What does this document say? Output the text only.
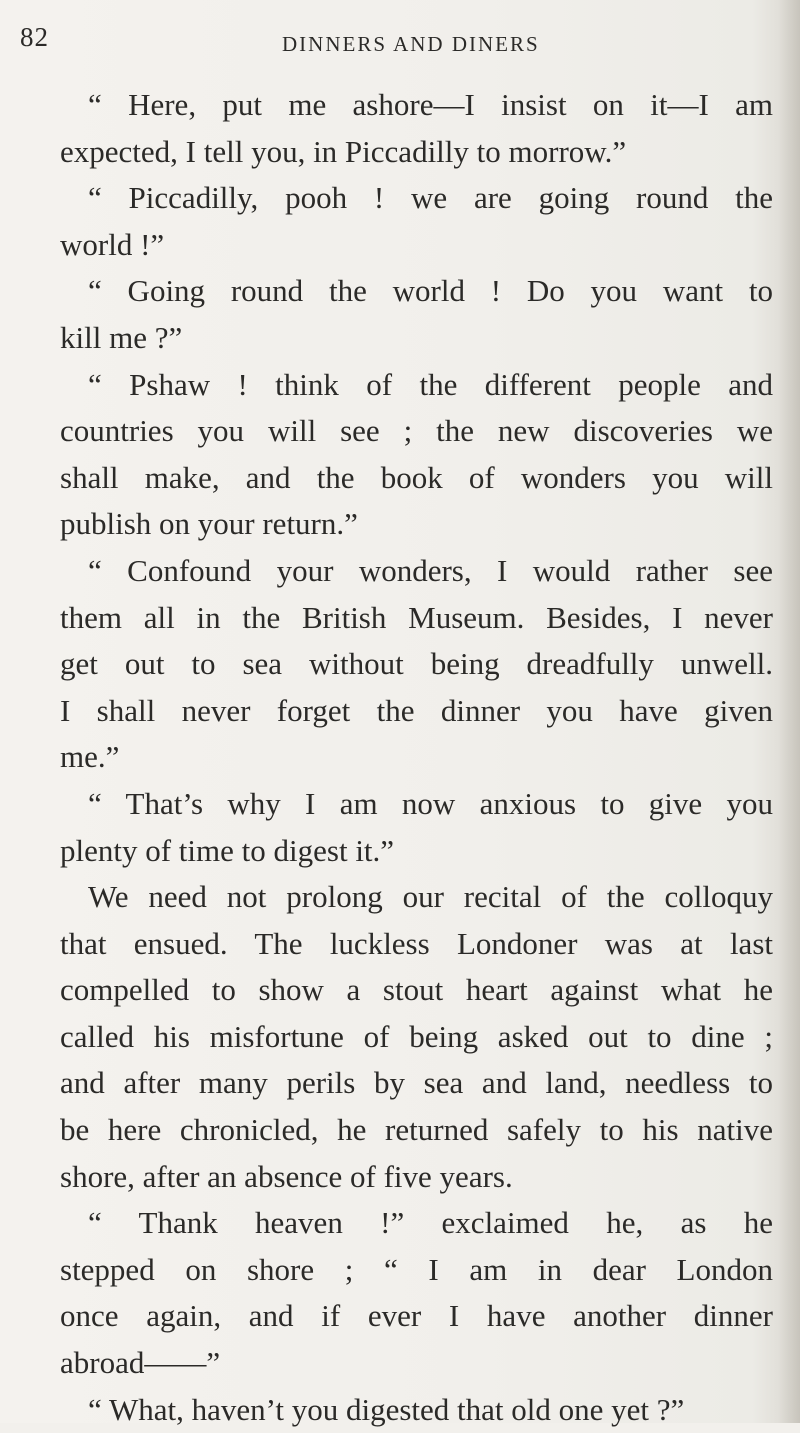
82	DINNERS AND DINERS

“ Here, put me ashore—I insist on it—I am
expected, I tell you, in Piccadilly to morrow.”

“ Piccadilly, pooh ! we are going round the
world !”

“ Going round the world ! Do you want to
kill me ?”

“ Pshaw ! think of the different people and
countries you will see ; the new discoveries we
shall make, and the book of wonders you will
publish on your return.”

“ Confound your wonders, I would rather see
them all in the British Museum. Besides, I never
get out to sea without being dreadfully unwell.
I shall never forget the dinner you have given
me.”

“ That’s why I am now anxious to give you
plenty of time to digest it.”

We need not prolong our recital of the colloquy
that ensued. The luckless Londoner was at last
compelled to show a stout heart against what he
called his misfortune of being asked out to dine ;
and after many perils by sea and land, needless to
be here chronicled, he returned safely to his native
shore, after an absence of five years.

“ Thank heaven !” exclaimed he, as he
stepped on shore ; “ I am in dear London
once again, and if ever I have another dinner
abroad——”

“ What, haven’t you digested that old one yet ?”
